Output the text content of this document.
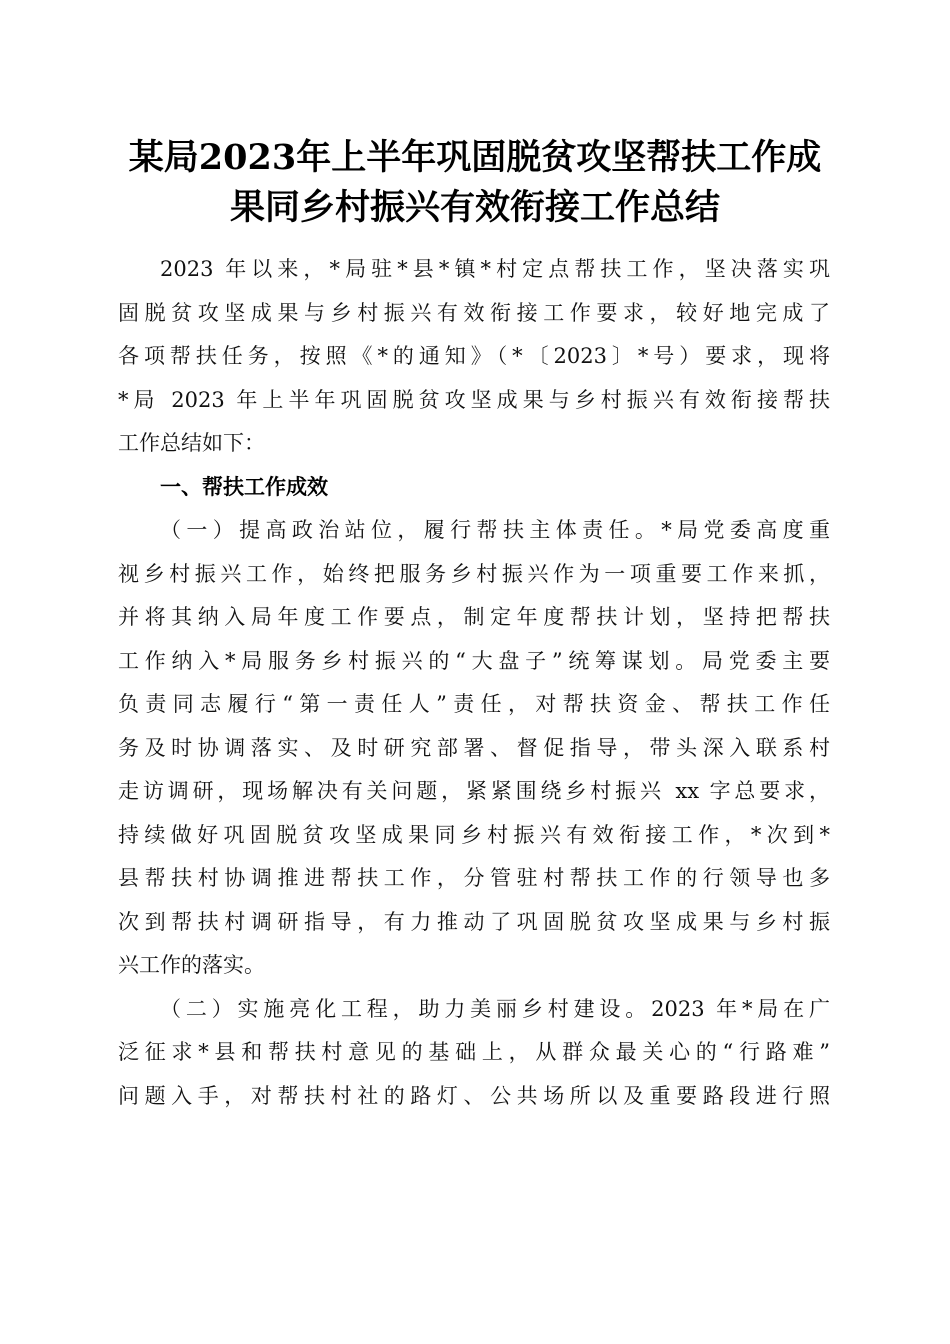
某局2023年上半年巩固脱贫攻坚帮扶工作成
果同乡村振兴有效衔接工作总结
2023 年以来，*局驻*县*镇*村定点帮扶工作，坚决落实巩
固脱贫攻坚成果与乡村振兴有效衔接工作要求，较好地完成了
各项帮扶任务，按照《*的通知》（*〔2023〕*号）要求，现将
*局 2023 年上半年巩固脱贫攻坚成果与乡村振兴有效衔接帮扶
工作总结如下：
一、帮扶工作成效
（一）提高政治站位，履行帮扶主体责任。*局党委高度重
视乡村振兴工作，始终把服务乡村振兴作为一项重要工作来抓，
并将其纳入局年度工作要点，制定年度帮扶计划，坚持把帮扶
工作纳入*局服务乡村振兴的“大盘子”统筹谋划。局党委主要
负责同志履行“第一责任人”责任，对帮扶资金、帮扶工作任
务及时协调落实、及时研究部署、督促指导，带头深入联系村
走访调研，现场解决有关问题，紧紧围绕乡村振兴 xx 字总要求，
持续做好巩固脱贫攻坚成果同乡村振兴有效衔接工作，*次到*
县帮扶村协调推进帮扶工作，分管驻村帮扶工作的行领导也多
次到帮扶村调研指导，有力推动了巩固脱贫攻坚成果与乡村振
兴工作的落实。
（二）实施亮化工程，助力美丽乡村建设。2023 年*局在广
泛征求*县和帮扶村意见的基础上，从群众最关心的“行路难”
问题入手，对帮扶村社的路灯、公共场所以及重要路段进行照
